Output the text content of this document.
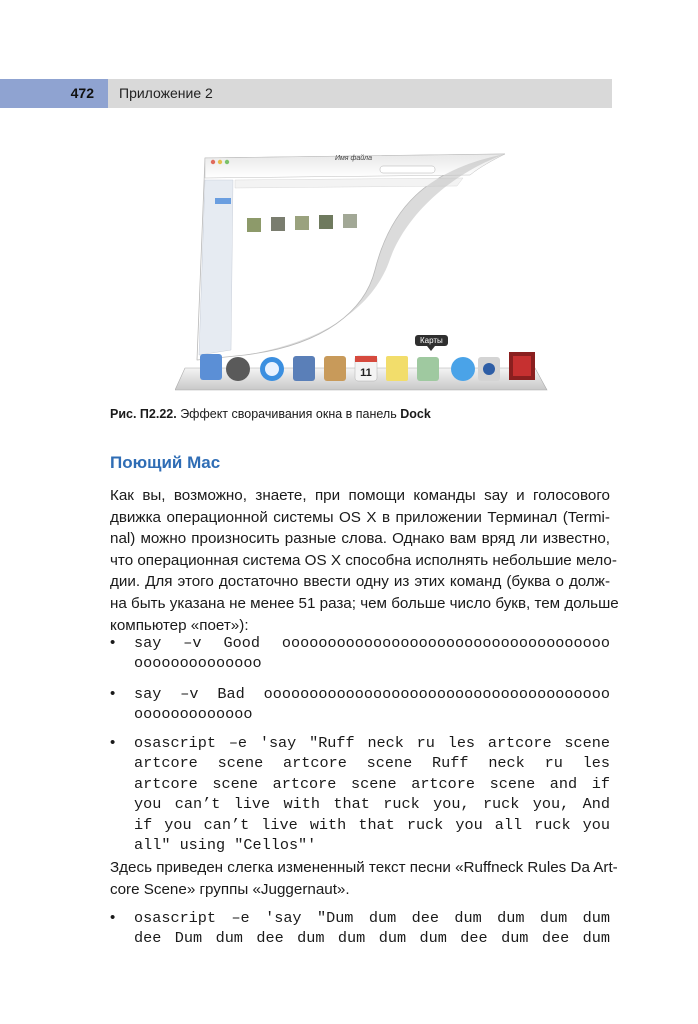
472 Приложение 2
11
Имя файла
Карты
Рис. П2.22. Эффект сворачивания окна в панель Dock
Поющий Mac
Как вы, возможно, знаете, при помощи команды say и голосового
движка операционной системы OS X в приложении Терминал (Termi-
nal) можно произносить разные слова. Однако вам вряд ли известно,
что операционная система OS X способна исполнять небольшие мело-
дии. Для этого достаточно ввести одну из этих команд (буква о долж-
на быть указана не менее 51 раза; чем больше число букв, тем дольше
компьютер «поет»):
• say –v Good oooooooooooooooooooooooooooooooooooo
oooooooooooooo
• say –v Bad oooooooooooooooooooooooooooooooooooooo
ooooooooooooo
• osascript –e 'say "Ruff neck ru les artcore scene
artcore scene artcore scene Ruff neck ru les
artcore scene artcore scene artcore scene and if
you can’t live with that ruck you, ruck you, And
if you can’t live with that ruck you all ruck you
all" using "Cellos"'
Здесь приведен слегка измененный текст песни «Ruffneck Rules Da Art-
core Scene» группы «Juggernaut».
• osascript –e 'say "Dum dum dee dum dum dum dum
dee Dum dum dee dum dum dum dum dee dum dee dum
